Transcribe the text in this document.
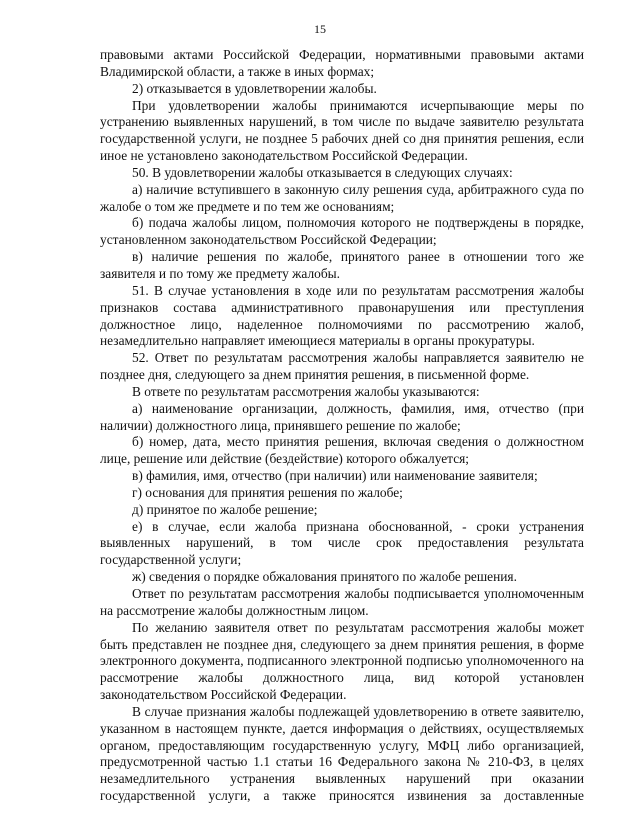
15

правовыми актами Российской Федерации, нормативными правовыми актами Владимирской области, а также в иных формах;

2) отказывается в удовлетворении жалобы.

При удовлетворении жалобы принимаются исчерпывающие меры по устранению выявленных нарушений, в том числе по выдаче заявителю результата государственной услуги, не позднее 5 рабочих дней со дня принятия решения, если иное не установлено законодательством Российской Федерации.

50. В удовлетворении жалобы отказывается в следующих случаях:

а) наличие вступившего в законную силу решения суда, арбитражного суда по жалобе о том же предмете и по тем же основаниям;

б) подача жалобы лицом, полномочия которого не подтверждены в порядке, установленном законодательством Российской Федерации;

в) наличие решения по жалобе, принятого ранее в отношении того же заявителя и по тому же предмету жалобы.

51. В случае установления в ходе или по результатам рассмотрения жалобы признаков состава административного правонарушения или преступления должностное лицо, наделенное полномочиями по рассмотрению жалоб, незамедлительно направляет имеющиеся материалы в органы прокуратуры.

52. Ответ по результатам рассмотрения жалобы направляется заявителю не позднее дня, следующего за днем принятия решения, в письменной форме.

В ответе по результатам рассмотрения жалобы указываются:

а) наименование организации, должность, фамилия, имя, отчество (при наличии) должностного лица, принявшего решение по жалобе;

б) номер, дата, место принятия решения, включая сведения о должностном лице, решение или действие (бездействие) которого обжалуется;

в) фамилия, имя, отчество (при наличии) или наименование заявителя;

г) основания для принятия решения по жалобе;

д) принятое по жалобе решение;

е) в случае, если жалоба признана обоснованной, - сроки устранения выявленных нарушений, в том числе срок предоставления результата государственной услуги;

ж) сведения о порядке обжалования принятого по жалобе решения.

Ответ по результатам рассмотрения жалобы подписывается уполномоченным на рассмотрение жалобы должностным лицом.

По желанию заявителя ответ по результатам рассмотрения жалобы может быть представлен не позднее дня, следующего за днем принятия решения, в форме электронного документа, подписанного электронной подписью уполномоченного на рассмотрение жалобы должностного лица, вид которой установлен законодательством Российской Федерации.

В случае признания жалобы подлежащей удовлетворению в ответе заявителю, указанном в настоящем пункте, дается информация о действиях, осуществляемых органом, предоставляющим государственную услугу, МФЦ либо организацией, предусмотренной частью 1.1 статьи 16 Федерального закона № 210-ФЗ, в целях незамедлительного устранения выявленных нарушений при оказании государственной услуги, а также приносятся извинения за доставленные
